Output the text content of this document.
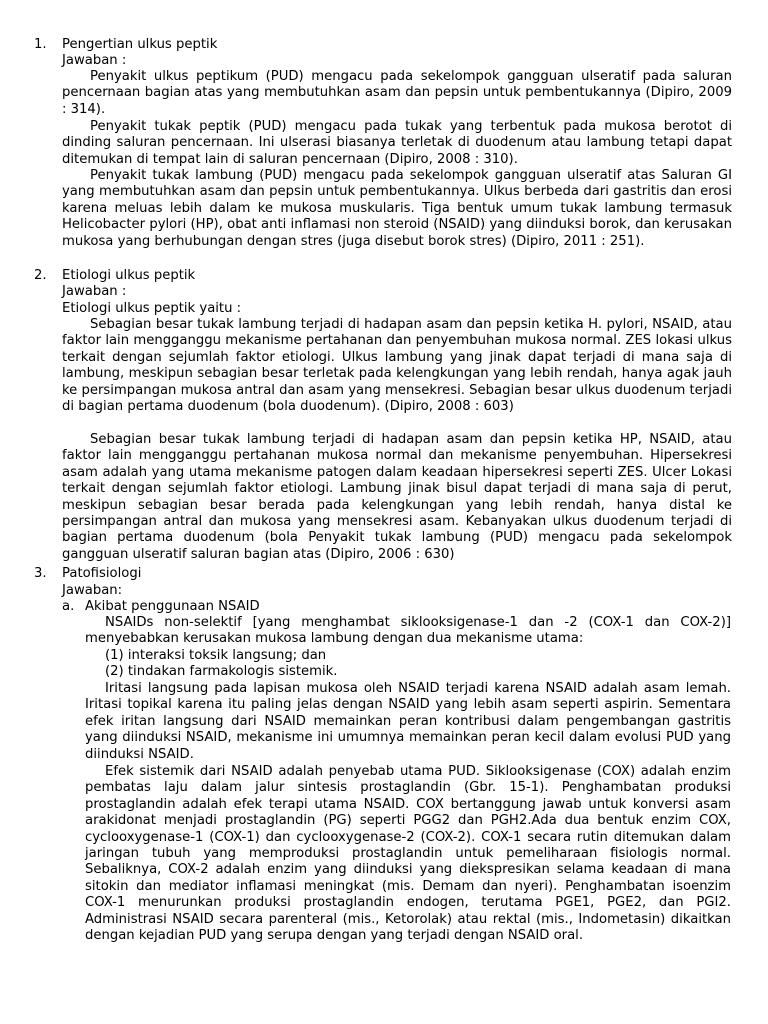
1. Pengertian ulkus peptik
Jawaban :

Penyakit ulkus peptikum (PUD) mengacu pada sekelompok gangguan ulseratif pada saluran pencernaan bagian atas yang membutuhkan asam dan pepsin untuk pembentukannya (Dipiro, 2009 : 314).

Penyakit tukak peptik (PUD) mengacu pada tukak yang terbentuk pada mukosa berotot di dinding saluran pencernaan. Ini ulserasi biasanya terletak di duodenum atau lambung tetapi dapat ditemukan di tempat lain di saluran pencernaan (Dipiro, 2008 : 310).

Penyakit tukak lambung (PUD) mengacu pada sekelompok gangguan ulseratif atas Saluran GI yang membutuhkan asam dan pepsin untuk pembentukannya. Ulkus berbeda dari gastritis dan erosi karena meluas lebih dalam ke mukosa muskularis. Tiga bentuk umum tukak lambung termasuk Helicobacter pylori (HP), obat anti inflamasi non steroid (NSAID) yang diinduksi borok, dan kerusakan mukosa yang berhubungan dengan stres (juga disebut borok stres) (Dipiro, 2011 : 251).

2. Etiologi ulkus peptik
Jawaban :
Etiologi ulkus peptik yaitu :

Sebagian besar tukak lambung terjadi di hadapan asam dan pepsin ketika H. pylori, NSAID, atau faktor lain mengganggu mekanisme pertahanan dan penyembuhan mukosa normal. ZES lokasi ulkus terkait dengan sejumlah faktor etiologi. Ulkus lambung yang jinak dapat terjadi di mana saja di lambung, meskipun sebagian besar terletak pada kelengkungan yang lebih rendah, hanya agak jauh ke persimpangan mukosa antral dan asam yang mensekresi. Sebagian besar ulkus duodenum terjadi di bagian pertama duodenum (bola duodenum). (Dipiro, 2008 : 603)

Sebagian besar tukak lambung terjadi di hadapan asam dan pepsin ketika HP, NSAID, atau faktor lain mengganggu pertahanan mukosa normal dan mekanisme penyembuhan. Hipersekresi asam adalah yang utama mekanisme patogen dalam keadaan hipersekresi seperti ZES. Ulcer Lokasi terkait dengan sejumlah faktor etiologi. Lambung jinak bisul dapat terjadi di mana saja di perut, meskipun sebagian besar berada pada kelengkungan yang lebih rendah, hanya distal ke persimpangan antral dan mukosa yang mensekresi asam. Kebanyakan ulkus duodenum terjadi di bagian pertama duodenum (bola Penyakit tukak lambung (PUD) mengacu pada sekelompok gangguan ulseratif saluran bagian atas (Dipiro, 2006 : 630)

3. Patofisiologi
Jawaban:
a. Akibat penggunaan NSAID

NSAIDs non-selektif [yang menghambat siklooksigenase-1 dan -2 (COX-1 dan COX-2)] menyebabkan kerusakan mukosa lambung dengan dua mekanisme utama:

(1) interaksi toksik langsung; dan
(2) tindakan farmakologis sistemik.

Iritasi langsung pada lapisan mukosa oleh NSAID terjadi karena NSAID adalah asam lemah. Iritasi topikal karena itu paling jelas dengan NSAID yang lebih asam seperti aspirin. Sementara efek iritan langsung dari NSAID memainkan peran kontribusi dalam pengembangan gastritis yang diinduksi NSAID, mekanisme ini umumnya memainkan peran kecil dalam evolusi PUD yang diinduksi NSAID.

Efek sistemik dari NSAID adalah penyebab utama PUD. Siklooksigenase (COX) adalah enzim pembatas laju dalam jalur sintesis prostaglandin (Gbr. 15-1). Penghambatan produksi prostaglandin adalah efek terapi utama NSAID. COX bertanggung jawab untuk konversi asam arakidonat menjadi prostaglandin (PG) seperti PGG2 dan PGH2.Ada dua bentuk enzim COX, cyclooxygenase-1 (COX-1) dan cyclooxygenase-2 (COX-2). COX-1 secara rutin ditemukan dalam jaringan tubuh yang memproduksi prostaglandin untuk pemeliharaan fisiologis normal. Sebaliknya, COX-2 adalah enzim yang diinduksi yang diekspresikan selama keadaan di mana sitokin dan mediator inflamasi meningkat (mis. Demam dan nyeri). Penghambatan isoenzim COX-1 menurunkan produksi prostaglandin endogen, terutama PGE1, PGE2, dan PGI2. Administrasi NSAID secara parenteral (mis., Ketorolak) atau rektal (mis., Indometasin) dikaitkan dengan kejadian PUD yang serupa dengan yang terjadi dengan NSAID oral.
